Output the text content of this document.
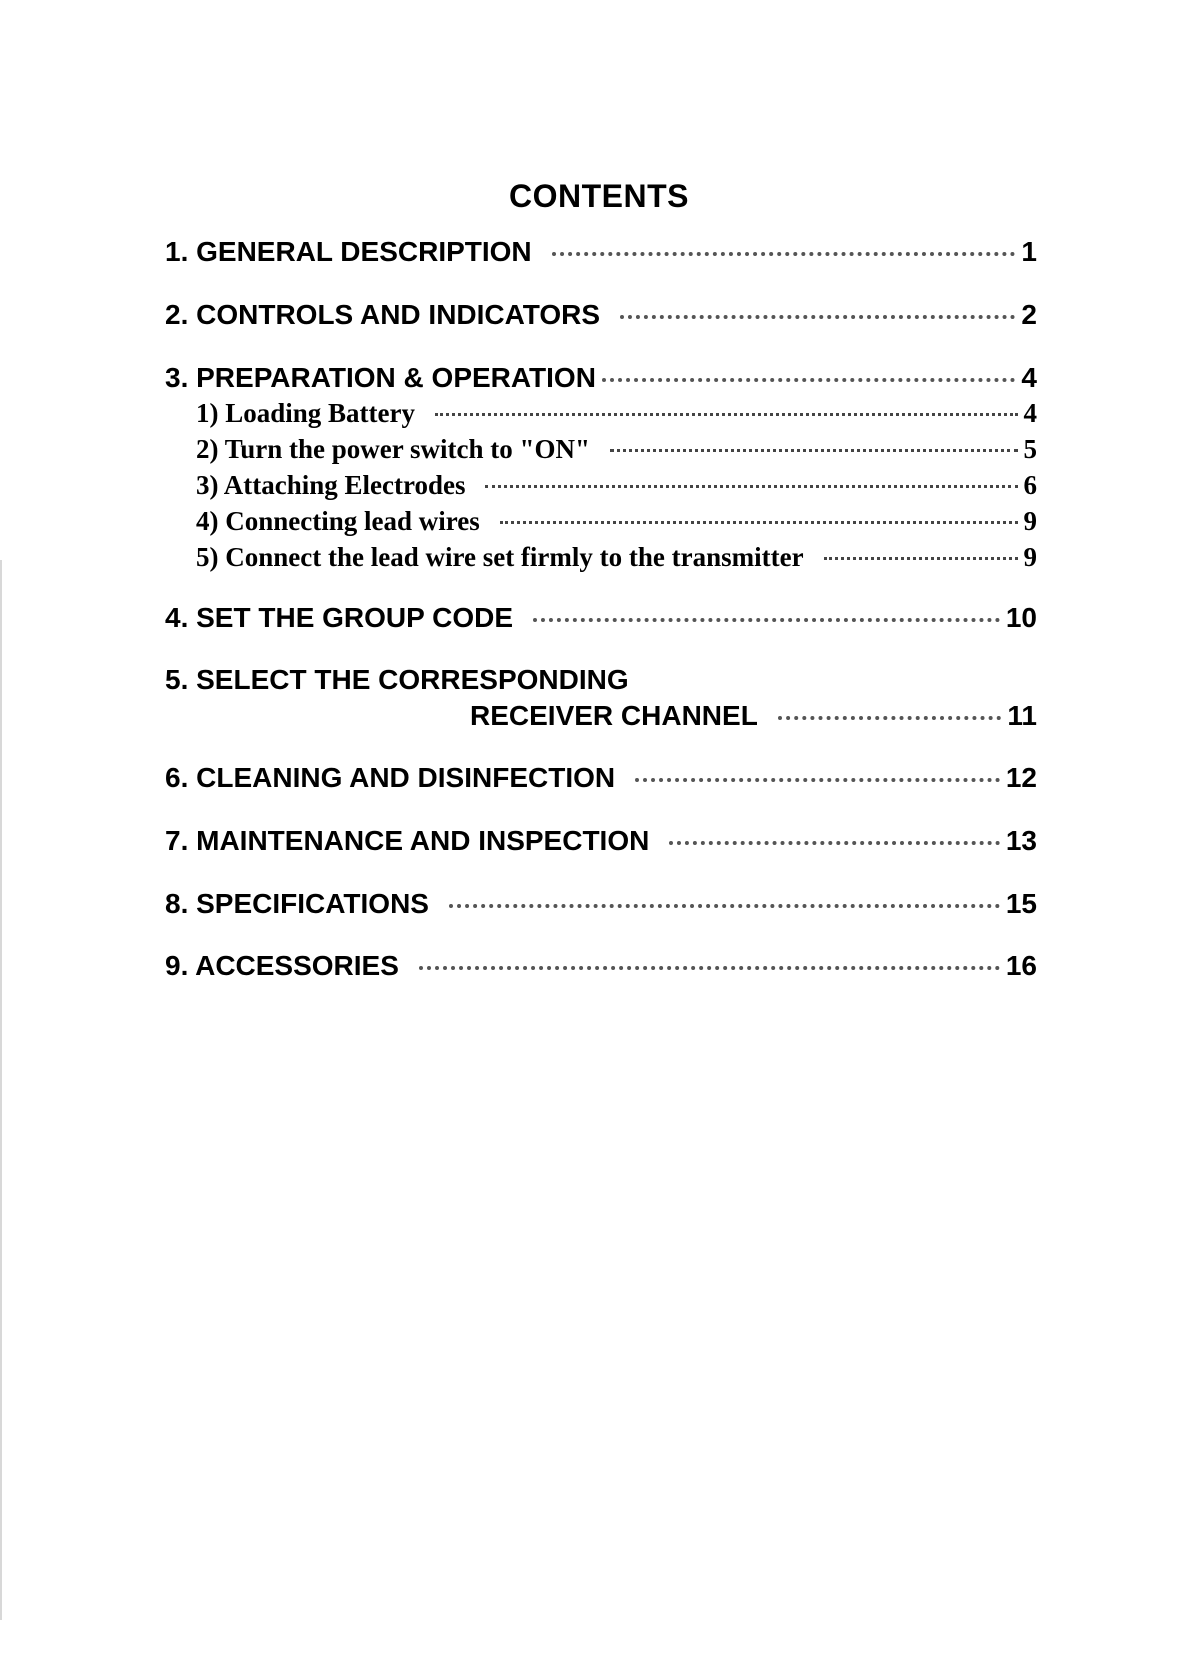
CONTENTS
1. GENERAL DESCRIPTION	1
2. CONTROLS AND INDICATORS	2
3. PREPARATION & OPERATION	4
1) Loading Battery	4
2) Turn the power switch to "ON"	5
3) Attaching Electrodes	6
4) Connecting lead wires	9
5) Connect the lead wire set firmly to the transmitter	9
4. SET THE GROUP CODE	10
5. SELECT THE CORRESPONDING
RECEIVER CHANNEL	11
6. CLEANING AND DISINFECTION	12
7. MAINTENANCE AND INSPECTION	13
8. SPECIFICATIONS	15
9. ACCESSORIES	16
